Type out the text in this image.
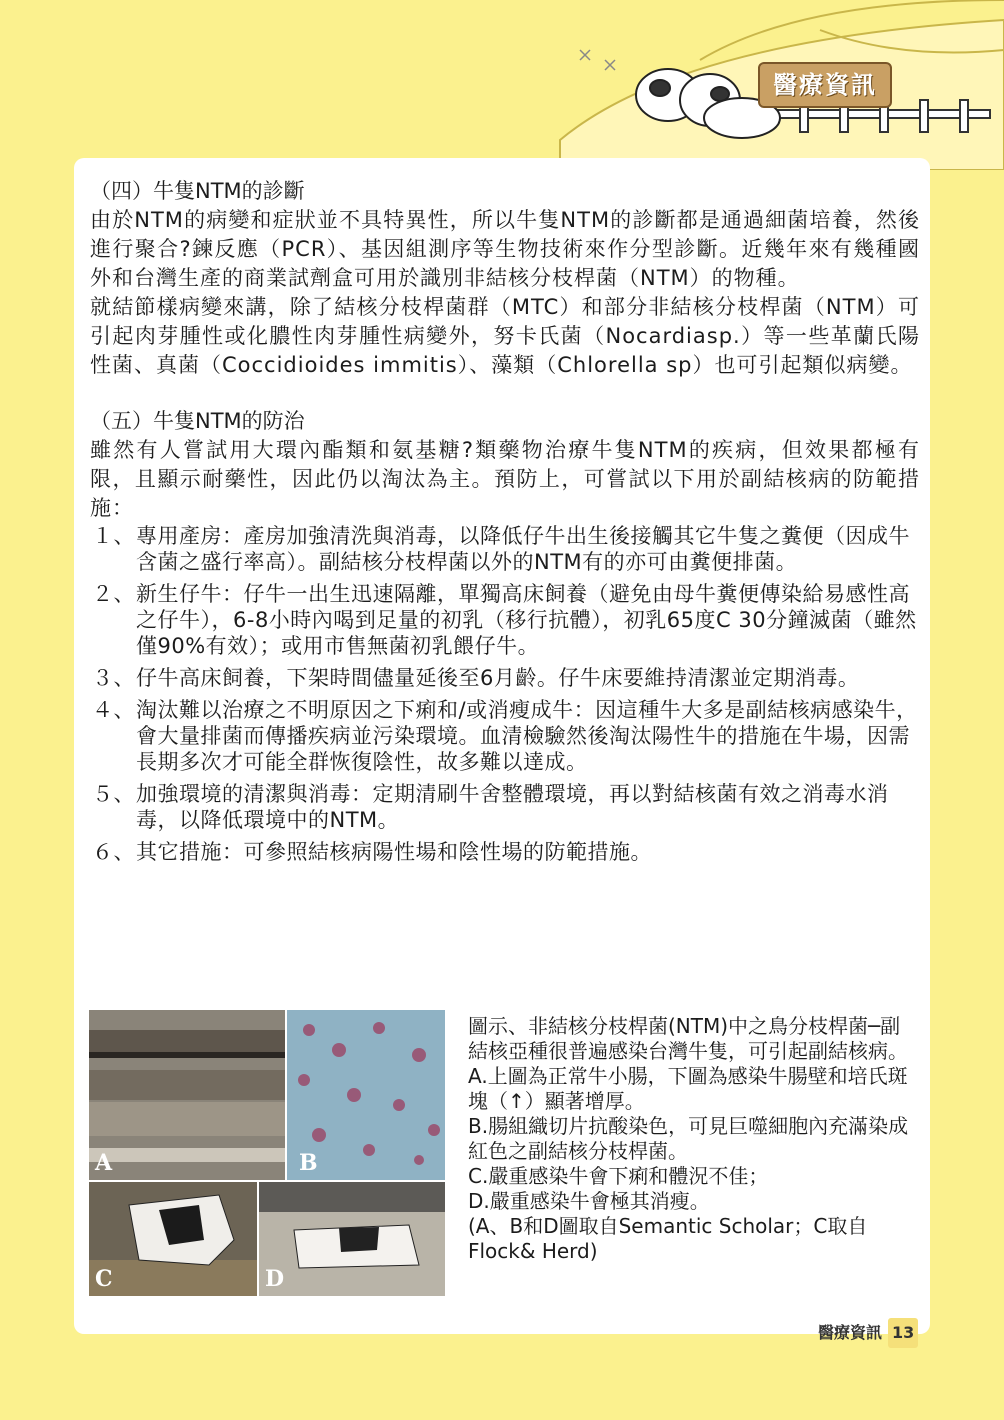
醫療資訊
（四）牛隻NTM的診斷

由於NTM的病變和症狀並不具特異性，所以牛隻NTM的診斷都是通過細菌培養，然後進行聚合?鍊反應（PCR）、基因組測序等生物技術來作分型診斷。近幾年來有幾種國外和台灣生產的商業試劑盒可用於識別非結核分枝桿菌（NTM）的物種。

就結節樣病變來講，除了結核分枝桿菌群（MTC）和部分非結核分枝桿菌（NTM）可引起肉芽腫性或化膿性肉芽腫性病變外，努卡氏菌（Nocardiasp.）等一些革蘭氏陽性菌、真菌（Coccidioides immitis）、藻類（Chlorella sp）也可引起類似病變。

（五）牛隻NTM的防治

雖然有人嘗試用大環內酯類和氨基糖?類藥物治療牛隻NTM的疾病，但效果都極有限，且顯示耐藥性，因此仍以淘汰為主。預防上，可嘗試以下用於副結核病的防範措施：

１、 專用產房：產房加強清洗與消毒，以降低仔牛出生後接觸其它牛隻之糞便（因成牛含菌之盛行率高）。副結核分枝桿菌以外的NTM有的亦可由糞便排菌。
２、 新生仔牛：仔牛一出生迅速隔離，單獨高床飼養（避免由母牛糞便傳染給易感性高之仔牛），6-8小時內喝到足量的初乳（移行抗體），初乳65度C 30分鐘滅菌（雖然僅90%有效）；或用市售無菌初乳餵仔牛。
３、 仔牛高床飼養，下架時間儘量延後至6月齡。仔牛床要維持清潔並定期消毒。
４、 淘汰難以治療之不明原因之下痢和/或消瘦成牛：因這種牛大多是副結核病感染牛，會大量排菌而傳播疾病並污染環境。血清檢驗然後淘汰陽性牛的措施在牛場，因需長期多次才可能全群恢復陰性，故多難以達成。
５、 加強環境的清潔與消毒：定期清刷牛舍整體環境，再以對結核菌有效之消毒水消毒，以降低環境中的NTM。
６、 其它措施：可參照結核病陽性場和陰性場的防範措施。
A	B
C	D

圖示、非結核分枝桿菌(NTM)中之鳥分枝桿菌─副結核亞種很普遍感染台灣牛隻，可引起副結核病。

A.上圖為正常牛小腸，下圖為感染牛腸壁和培氏斑塊（↑）顯著增厚。

B.腸組織切片抗酸染色，可見巨噬細胞內充滿染成紅色之副結核分枝桿菌。

C.嚴重感染牛會下痢和體況不佳；

D.嚴重感染牛會極其消瘦。

(A、B和D圖取自Semantic Scholar；C取自Flock& Herd)

醫療資訊 13
